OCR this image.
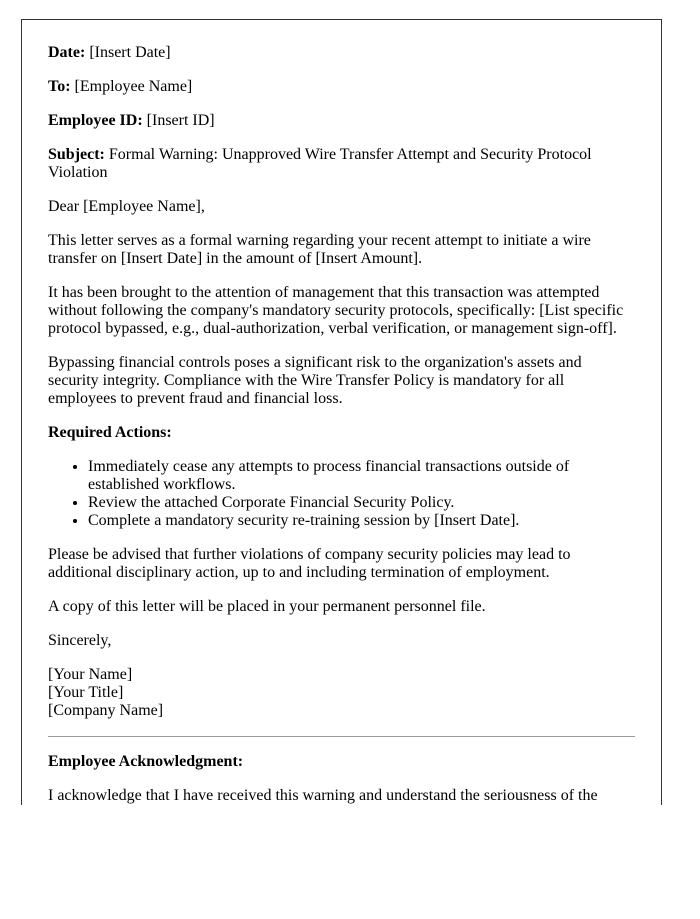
Date: [Insert Date]

To: [Employee Name]

Employee ID: [Insert ID]

Subject: Formal Warning: Unapproved Wire Transfer Attempt and Security Protocol Violation

Dear [Employee Name],

This letter serves as a formal warning regarding your recent attempt to initiate a wire transfer on [Insert Date] in the amount of [Insert Amount].

It has been brought to the attention of management that this transaction was attempted without following the company's mandatory security protocols, specifically: [List specific protocol bypassed, e.g., dual-authorization, verbal verification, or management sign-off].

Bypassing financial controls poses a significant risk to the organization's assets and security integrity. Compliance with the Wire Transfer Policy is mandatory for all employees to prevent fraud and financial loss.

Required Actions:

• Immediately cease any attempts to process financial transactions outside of established workflows.
• Review the attached Corporate Financial Security Policy.
• Complete a mandatory security re-training session by [Insert Date].

Please be advised that further violations of company security policies may lead to additional disciplinary action, up to and including termination of employment.

A copy of this letter will be placed in your permanent personnel file.

Sincerely,

[Your Name]
[Your Title]
[Company Name]

Employee Acknowledgment:

I acknowledge that I have received this warning and understand the seriousness of the
